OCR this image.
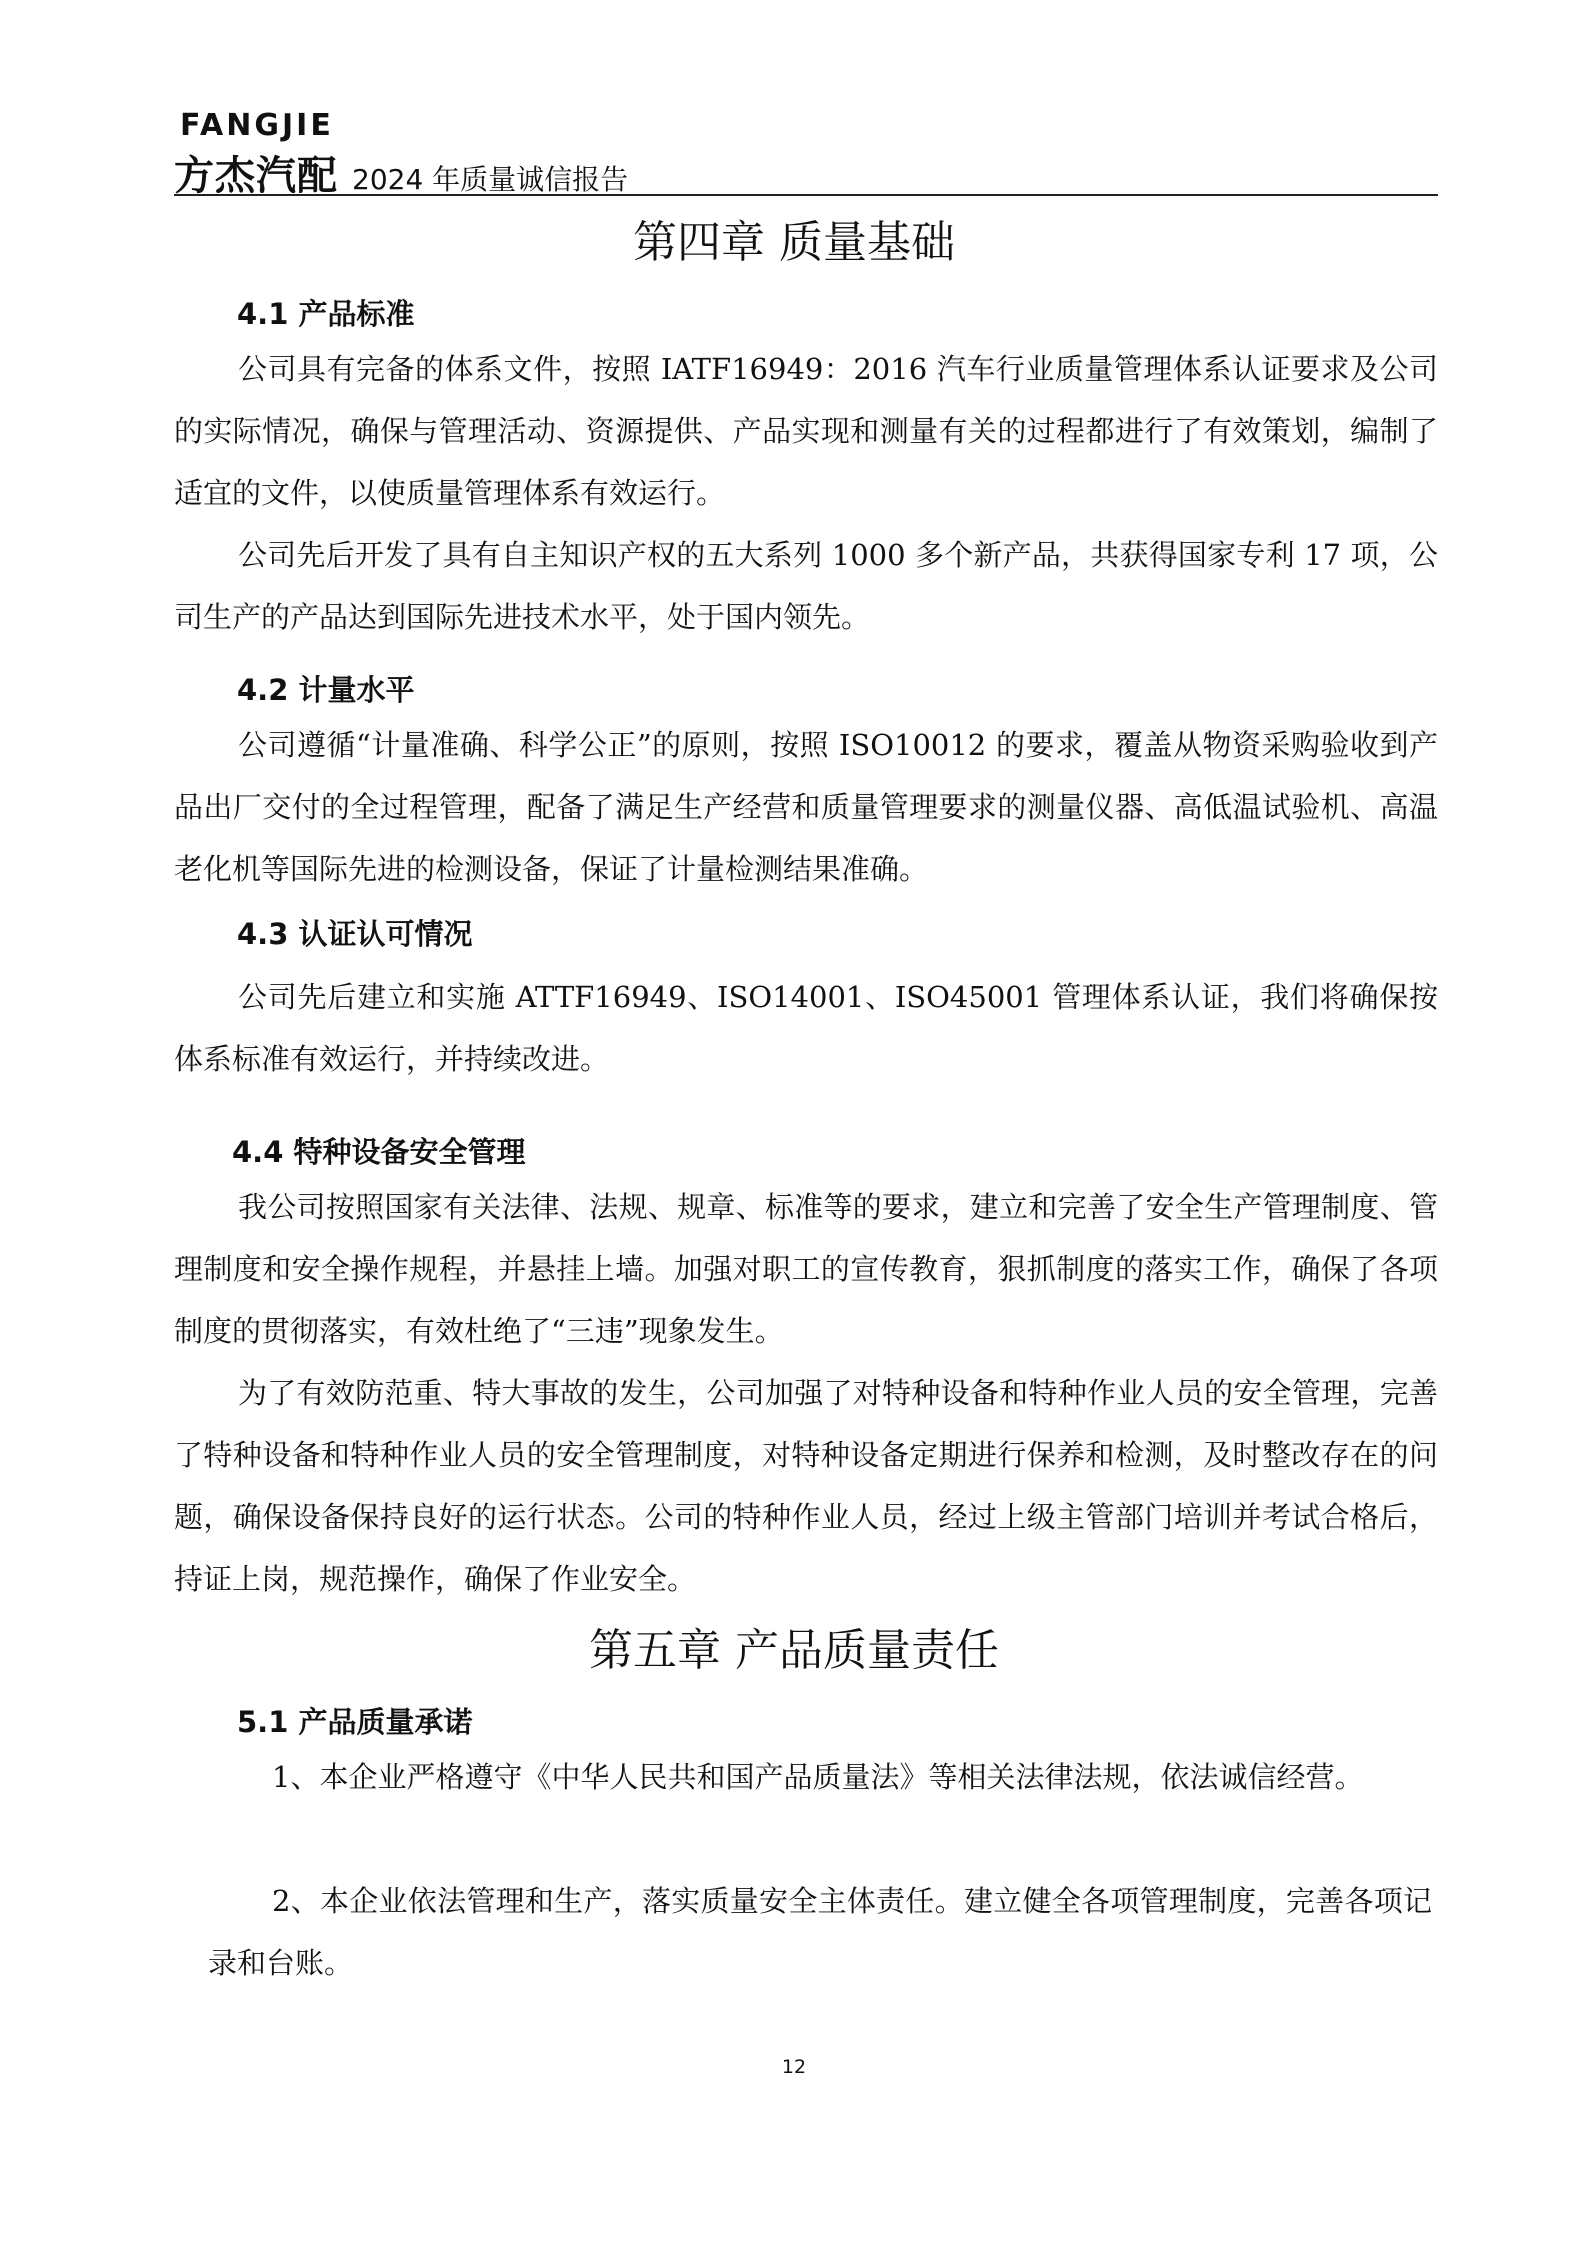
FANGJIE
方杰汽配 2024 年质量诚信报告
第四章 质量基础
4.1 产品标准
公司具有完备的体系文件，按照 IATF16949：2016 汽车行业质量管理体系认证要求及公司的实际情况，确保与管理活动、资源提供、产品实现和测量有关的过程都进行了有效策划，编制了适宜的文件，以使质量管理体系有效运行。
公司先后开发了具有自主知识产权的五大系列 1000 多个新产品，共获得国家专利 17 项，公司生产的产品达到国际先进技术水平，处于国内领先。
4.2 计量水平
公司遵循“计量准确、科学公正”的原则，按照 ISO10012 的要求，覆盖从物资采购验收到产品出厂交付的全过程管理，配备了满足生产经营和质量管理要求的测量仪器、高低温试验机、高温老化机等国际先进的检测设备，保证了计量检测结果准确。
4.3 认证认可情况
公司先后建立和实施 ATTF16949、ISO14001、ISO45001 管理体系认证，我们将确保按体系标准有效运行，并持续改进。
4.4 特种设备安全管理
我公司按照国家有关法律、法规、规章、标准等的要求，建立和完善了安全生产管理制度、管理制度和安全操作规程，并悬挂上墙。加强对职工的宣传教育，狠抓制度的落实工作，确保了各项制度的贯彻落实，有效杜绝了“三违”现象发生。
为了有效防范重、特大事故的发生，公司加强了对特种设备和特种作业人员的安全管理，完善了特种设备和特种作业人员的安全管理制度，对特种设备定期进行保养和检测，及时整改存在的问题，确保设备保持良好的运行状态。公司的特种作业人员，经过上级主管部门培训并考试合格后，持证上岗，规范操作，确保了作业安全。
第五章 产品质量责任
5.1 产品质量承诺
1、本企业严格遵守《中华人民共和国产品质量法》等相关法律法规，依法诚信经营。
2、本企业依法管理和生产，落实质量安全主体责任。建立健全各项管理制度，完善各项记录和台账。
12
